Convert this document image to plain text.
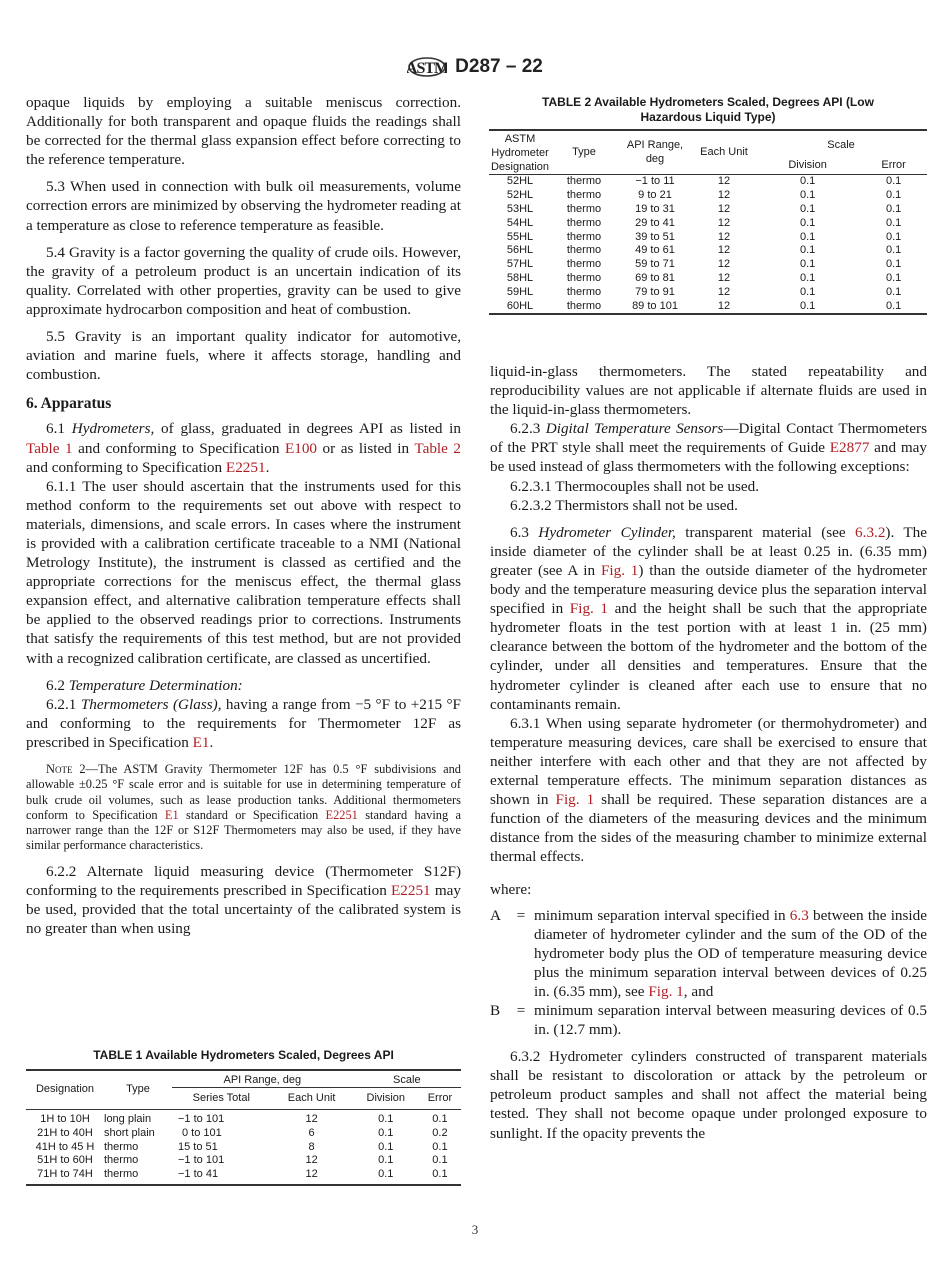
ASTM D287 – 22
TABLE 2 Available Hydrometers Scaled, Degrees API (Low
Hazardous Liquid Type)
ASTM
Hydrometer
Designation
	Type	
API Range,
deg
	Each Unit	Scale
				Division	Error
52HL	thermo	−1 to 11	12	0.1	0.1
52HL	thermo	9 to 21	12	0.1	0.1
53HL	thermo	19 to 31	12	0.1	0.1
54HL	thermo	29 to 41	12	0.1	0.1
55HL	thermo	39 to 51	12	0.1	0.1
56HL	thermo	49 to 61	12	0.1	0.1
57HL	thermo	59 to 71	12	0.1	0.1
58HL	thermo	69 to 81	12	0.1	0.1
59HL	thermo	79 to 91	12	0.1	0.1
60HL	thermo	89 to 101	12	0.1	0.1

opaque liquids by employing a suitable meniscus correction. Additionally for both transparent and opaque fluids the readings shall be corrected for the thermal glass expansion effect before correcting to the reference temperature.

5.3 When used in connection with bulk oil measurements, volume correction errors are minimized by observing the hydrometer reading at a temperature as close to reference temperature as feasible.

5.4 Gravity is a factor governing the quality of crude oils. However, the gravity of a petroleum product is an uncertain indication of its quality. Correlated with other properties, gravity can be used to give approximate hydrocarbon composition and heat of combustion.

5.5 Gravity is an important quality indicator for automotive, aviation and marine fuels, where it affects storage, handling and combustion.

6. Apparatus

6.1 Hydrometers, of glass, graduated in degrees API as listed in Table 1 and conforming to Specification E100 or as listed in Table 2 and conforming to Specification E2251.

6.1.1 The user should ascertain that the instruments used for this method conform to the requirements set out above with respect to materials, dimensions, and scale errors. In cases where the instrument is provided with a calibration certificate traceable to a NMI (National Metrology Institute), the instrument is classed as certified and the appropriate corrections for the meniscus effect, the thermal glass expansion effect, and alternative calibration temperature effects shall be applied to the observed readings prior to corrections. Instruments that satisfy the requirements of this test method, but are not provided with a recognized calibration certificate, are classed as uncertified.

6.2 Temperature Determination:

6.2.1 Thermometers (Glass), having a range from −5 °F to +215 °F and conforming to the requirements for Thermometer 12F as prescribed in Specification E1.

Note 2—The ASTM Gravity Thermometer 12F has 0.5 °F subdivisions and allowable ±0.25 °F scale error and is suitable for use in determining temperature of bulk crude oil volumes, such as lease production tanks. Additional thermometers conform to Specification E1 standard or Specification E2251 standard having a narrower range than the 12F or S12F Thermometers may also be used, if they have similar performance characteristics.

6.2.2 Alternate liquid measuring device (Thermometer S12F) conforming to the requirements prescribed in Specification E2251 may be used, provided that the total uncertainty of the calibrated system is no greater than when using

TABLE 1 Available Hydrometers Scaled, Degrees API
Designation	Type	API Range, deg		Scale	
		Series Total	Each Unit	Division	Error
1H to 10H	long plain	−1 to 101	12	0.1	0.1
21H to 40H	short plain	0 to 101	6	0.1	0.2
41H to 45 H	thermo	15 to 51	8	0.1	0.1
51H to 60H	thermo	−1 to 101	12	0.1	0.1
71H to 74H	thermo	−1 to 41	12	0.1	0.1

liquid-in-glass thermometers. The stated repeatability and reproducibility values are not applicable if alternate fluids are used in the liquid-in-glass thermometers.

6.2.3 Digital Temperature Sensors—Digital Contact Thermometers of the PRT style shall meet the requirements of Guide E2877 and may be used instead of glass thermometers with the following exceptions:

6.2.3.1 Thermocouples shall not be used.

6.2.3.2 Thermistors shall not be used.

6.3 Hydrometer Cylinder, transparent material (see 6.3.2). The inside diameter of the cylinder shall be at least 0.25 in. (6.35 mm) greater (see A in Fig. 1) than the outside diameter of the hydrometer body and the temperature measuring device plus the separation interval specified in Fig. 1 and the height shall be such that the appropriate hydrometer floats in the test portion with at least 1 in. (25 mm) clearance between the bottom of the hydrometer and the bottom of the cylinder, under all densities and temperatures. Ensure that the hydrometer cylinder is cleaned after each use to ensure that no contaminants remain.

6.3.1 When using separate hydrometer (or thermohydrometer) and temperature measuring devices, care shall be exercised to ensure that neither interfere with each other and that they are not affected by external temperature effects. The minimum separation distances as shown in Fig. 1 shall be required. These separation distances are a function of the diameters of the measuring devices and the minimum distance from the sides of the measuring chamber to minimize external thermal effects.

where:

A	= minimum separation interval specified in 6.3 between the inside diameter of hydrometer cylinder and the sum of the OD of the hydrometer body plus the OD of temperature measuring device plus the minimum separation interval between devices of 0.25 in. (6.35 mm), see Fig. 1, and
B	= minimum separation interval between measuring devices of 0.5 in. (12.7 mm).

6.3.2 Hydrometer cylinders constructed of transparent materials shall be resistant to discoloration or attack by the petroleum or petroleum product samples and shall not affect the material being tested. They shall not become opaque under prolonged exposure to sunlight. If the opacity prevents the

3
